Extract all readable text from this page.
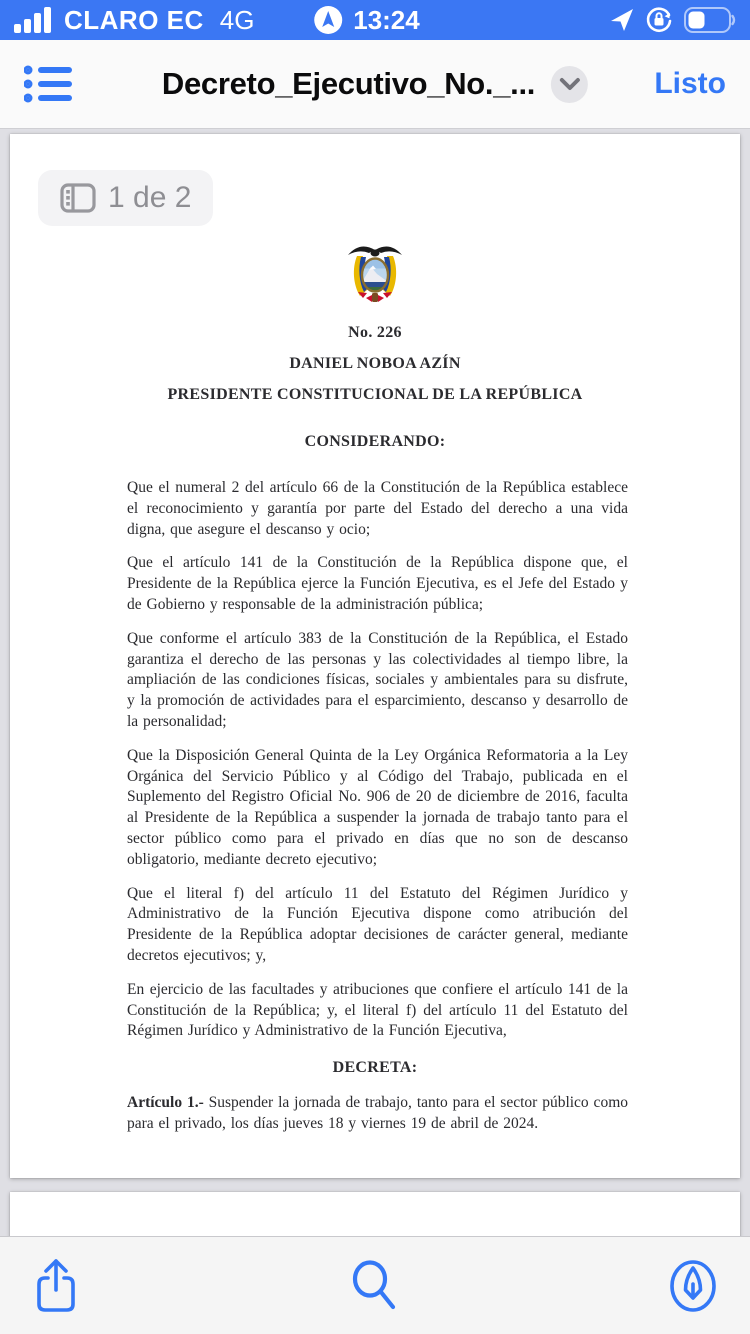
CLARO EC 4G	13:24
Decreto_Ejecutivo_No._...	Listo
1 de 2
No. 226
DANIEL NOBOA AZÍN
PRESIDENTE CONSTITUCIONAL DE LA REPÚBLICA
CONSIDERANDO:

Que el numeral 2 del artículo 66 de la Constitución de la República establece el reconocimiento y garantía por parte del Estado del derecho a una vida digna, que asegure el descanso y ocio;

Que el artículo 141 de la Constitución de la República dispone que, el Presidente de la República ejerce la Función Ejecutiva, es el Jefe del Estado y de Gobierno y responsable de la administración pública;

Que conforme el artículo 383 de la Constitución de la República, el Estado garantiza el derecho de las personas y las colectividades al tiempo libre, la ampliación de las condiciones físicas, sociales y ambientales para su disfrute, y la promoción de actividades para el esparcimiento, descanso y desarrollo de la personalidad;

Que la Disposición General Quinta de la Ley Orgánica Reformatoria a la Ley Orgánica del Servicio Público y al Código del Trabajo, publicada en el Suplemento del Registro Oficial No. 906 de 20 de diciembre de 2016, faculta al Presidente de la República a suspender la jornada de trabajo tanto para el sector público como para el privado en días que no son de descanso obligatorio, mediante decreto ejecutivo;

Que el literal f) del artículo 11 del Estatuto del Régimen Jurídico y Administrativo de la Función Ejecutiva dispone como atribución del Presidente de la República adoptar decisiones de carácter general, mediante decretos ejecutivos; y,

En ejercicio de las facultades y atribuciones que confiere el artículo 141 de la Constitución de la República; y, el literal f) del artículo 11 del Estatuto del Régimen Jurídico y Administrativo de la Función Ejecutiva,

DECRETA:

Artículo 1.- Suspender la jornada de trabajo, tanto para el sector público como para el privado, los días jueves 18 y viernes 19 de abril de 2024.
